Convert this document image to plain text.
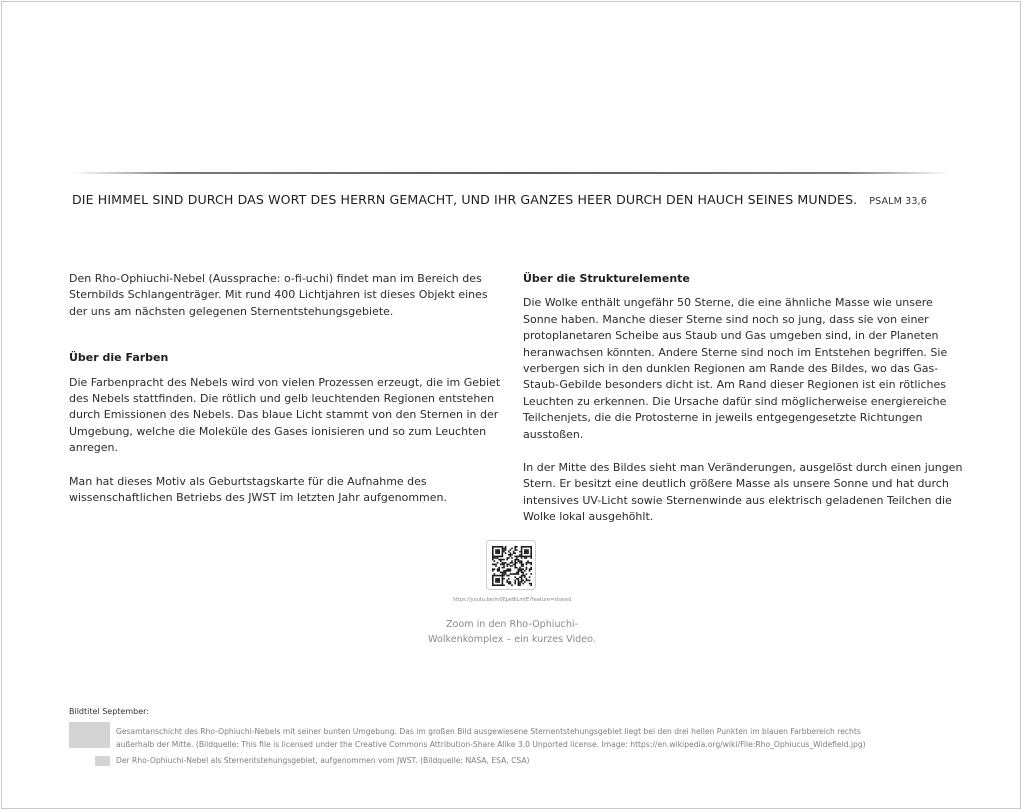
DIE HIMMEL SIND DURCH DAS WORT DES HERRN GEMACHT, UND IHR GANZES HEER DURCH DEN HAUCH SEINES MUNDES. PSALM 33,6

Den Rho-Ophiuchi-Nebel (Aussprache: o-fi-uchi) findet man im Bereich des Sternbilds Schlangenträger. Mit rund 400 Lichtjahren ist dieses Objekt eines der uns am nächsten gelegenen Sternentstehungsgebiete.

Über die Farben

Die Farbenpracht des Nebels wird von vielen Prozessen erzeugt, die im Gebiet des Nebels stattfinden. Die rötlich und gelb leuchtenden Regionen entstehen durch Emissionen des Nebels. Das blaue Licht stammt von den Sternen in der Umgebung, welche die Moleküle des Gases ionisieren und so zum Leuchten anregen.

Man hat dieses Motiv als Geburtstagskarte für die Aufnahme des wissenschaftlichen Betriebs des JWST im letzten Jahr aufgenommen.

Über die Strukturelemente

Die Wolke enthält ungefähr 50 Sterne, die eine ähnliche Masse wie unsere Sonne haben. Manche dieser Sterne sind noch so jung, dass sie von einer protoplanetaren Scheibe aus Staub und Gas umgeben sind, in der Planeten heranwachsen könnten. Andere Sterne sind noch im Entstehen begriffen. Sie verbergen sich in den dunklen Regionen am Rande des Bildes, wo das Gas-Staub-Gebilde besonders dicht ist. Am Rand dieser Regionen ist ein rötliches Leuchten zu erkennen. Die Ursache dafür sind möglicherweise energiereiche Teilchenjets, die die Protosterne in jeweils entgegengesetzte Richtungen ausstoßen.

In der Mitte des Bildes sieht man Veränderungen, ausgelöst durch einen jungen Stern. Er besitzt eine deutlich größere Masse als unsere Sonne und hat durch intensives UV-Licht sowie Sternenwinde aus elektrisch geladenen Teilchen die Wolke lokal ausgehöhlt.

https://youtu.be/m0Epe8iLmtE?feature=shared
Zoom in den Rho-Ophiuchi-
Wolkenkomplex – ein kurzes Video.
Bildtitel September:
Gesamtanschicht des Rho-Ophiuchi-Nebels mit seiner bunten Umgebung. Das im großen Bild ausgewiesene Sternentstehungsgebiet liegt bei den drei hellen Punkten im blauen Farbbereich rechts
außerhalb der Mitte. (Bildquelle: This file is licensed under the Creative Commons Attribution-Share Alike 3.0 Unported license. Image: https://en.wikipedia.org/wiki/File:Rho_Ophiucus_Widefield.jpg)
Der Rho-Ophiuchi-Nebel als Sternentstehungsgebiet, aufgenommen vom JWST. (Bildquelle: NASA, ESA, CSA)
